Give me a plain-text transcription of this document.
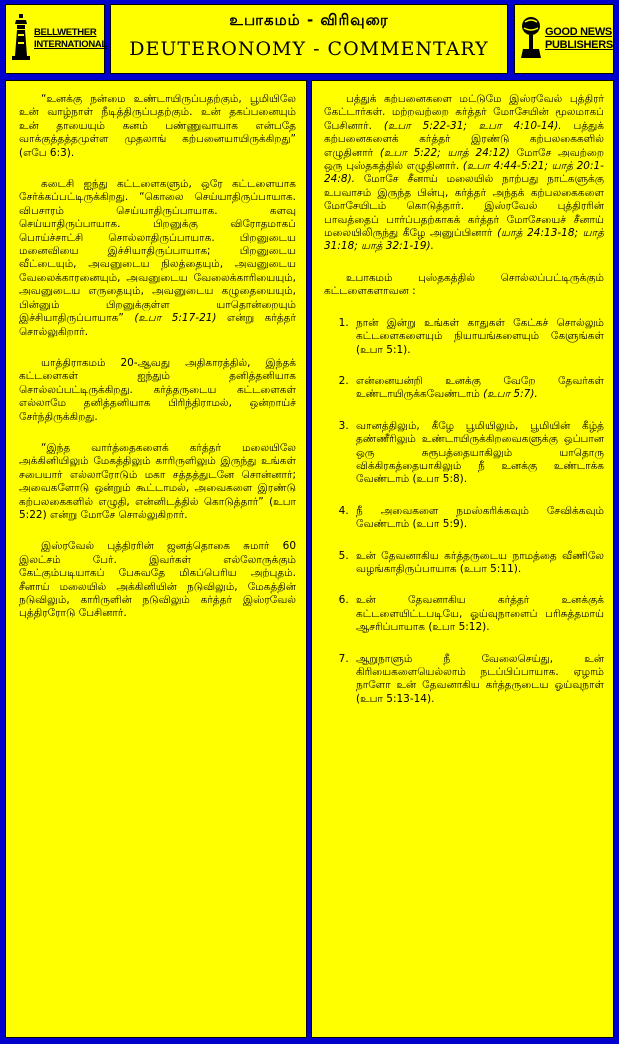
BELLWETHER
INTERNATIONAL
உபாகமம் - விரிவுரை
DEUTERONOMY - COMMENTARY
GOOD NEWS
PUBLISHERS

“உனக்கு நன்மை உண்டாயிருப்பதற்கும், பூமியிலே உன் வாழ்நாள் நீடித்திருப்பதற்கும். உன் தகப்பனையும் உன் தாயையும் கனம் பண்ணுவாயாக என்பதே வாக்குத்தத்தமுள்ள முதலாங் கற்பனையாயிருக்கிறது” (எபே 6:3).

கடைசி ஐந்து கட்டளைகளும், ஒரே கட்டளையாக சேர்க்கப்பட்டிருக்கிறது. “கொலை செய்யாதிருப்பாயாக. விபசாரம் செய்யாதிருப்பாயாக. களவு செய்யாதிருப்பாயாக. பிறனுக்கு விரோதமாகப் பொய்ச்சாட்சி சொல்லாதிருப்பாயாக. பிறனுடைய மனைவியை இச்சியாதிருப்பாயாக; பிறனுடைய வீட்டையும், அவனுடைய நிலத்தையும், அவனுடைய வேலைக்காரனையும், அவனுடைய வேலைக்காரியையும், அவனுடைய எருதையும், அவனுடைய கழுதையையும், பின்னும் பிறனுக்குள்ள யாதொன்றையும் இச்சியாதிருப்பாயாக” (உபா 5:17-21) என்று கர்த்தர் சொல்லுகிறார்.

யாத்திராகமம் 20-ஆவது அதிகாரத்தில், இந்தக் கட்டளைகள் ஐந்தும் தனித்தனியாக சொல்லப்பட்டிருக்கிறது. கர்த்தருடைய கட்டளைகள் எல்லாமே தனித்தனியாக பிரிந்திராமல், ஒன்றாய்ச் சேர்ந்திருக்கிறது.

“இந்த வார்த்தைகளைக் கர்த்தர் மலையிலே அக்கினியிலும் மேகத்திலும் காரிருளிலும் இருந்து உங்கள் சபையார் எல்லாரோடும் மகா சத்தத்துடனே சொன்னார்; அவைகளோடு ஒன்றும் கூட்டாமல், அவைகளை இரண்டு கற்பலகைகளில் எழுதி, என்னிடத்தில் கொடுத்தார்” (உபா 5:22) என்று மோசே சொல்லுகிறார்.

இஸ்ரவேல் புத்திரரின் ஜனத்தொகை சுமார் 60 இலட்சம் பேர். இவர்கள் எல்லோருக்கும் கேட்கும்படியாகப் பேசுவதே மிகப்பெரிய அற்புதம். சீனாய் மலையில் அக்கினியின் நடுவிலும், மேகத்தின் நடுவிலும், காரிருளின் நடுவிலும் கர்த்தர் இஸ்ரவேல் புத்திரரோடு பேசினார்.

பத்துக் கற்பனைகளை மட்டுமே இஸ்ரவேல் புத்திரர் கேட்டார்கள். மற்றவற்றை கர்த்தர் மோசேயின் மூலமாகப் பேசினார். (உபா 5:22-31; உபா 4:10-14). பத்துக் கற்பனைகளைக் கர்த்தர் இரண்டு கற்பலகைகளில் எழுதினார் (உபா 5:22; யாத் 24:12) மோசே அவற்றை ஒரு புஸ்தகத்தில் எழுதினார். (உபா 4:44-5:21; யாத் 20:1-24:8). மோசே சீனாய் மலையில் நாற்பது நாட்களுக்கு உபவாசம் இருந்த பின்பு, கர்த்தர் அந்தக் கற்பலகைகளை மோசேயிடம் கொடுத்தார். இஸ்ரவேல் புத்திரரின் பாவத்தைப் பார்ப்பதற்காகக் கர்த்தர் மோசேயைச் சீனாய் மலையிலிருந்து கீழே அனுப்பினார் (யாத் 24:13-18; யாத் 31:18; யாத் 32:1-19).

உபாகமம் புஸ்தகத்தில் சொல்லப்பட்டிருக்கும் கட்டளைகளாவன :

1. நான் இன்று உங்கள் காதுகள் கேட்கச் சொல்லும் கட்டளைகளையும் நியாயங்களையும் கேளுங்கள் (உபா 5:1).
2. என்னையன்றி உனக்கு வேறே தேவர்கள் உண்டாயிருக்கவேண்டாம் (உபா 5:7).
3. வானத்திலும், கீழே பூமியிலும், பூமியின் கீழ்த் தண்ணீரிலும் உண்டாயிருக்கிறவைகளுக்கு ஒப்பான ஒரு சுரூபத்தையாகிலும் யாதொரு விக்கிரகத்தையாகிலும் நீ உனக்கு உண்டாக்க வேண்டாம் (உபா 5:8).
4. நீ அவைகளை நமஸ்கரிக்கவும் சேவிக்கவும் வேண்டாம் (உபா 5:9).
5. உன் தேவனாகிய கர்த்தருடைய நாமத்தை வீணிலே வழங்காதிருப்பாயாக (உபா 5:11).
6. உன் தேவனாகிய கர்த்தர் உனக்குக் கட்டளையிட்டபடியே, ஓய்வுநாளைப் பரிசுத்தமாய் ஆசரிப்பாயாக (உபா 5:12).
7. ஆறுநாளும் நீ வேலைசெய்து, உன் கிரியைகளையெல்லாம் நடப்பிப்பாயாக. ஏழாம் நாளோ உன் தேவனாகிய கர்த்தருடைய ஓய்வுநாள் (உபா 5:13-14).
